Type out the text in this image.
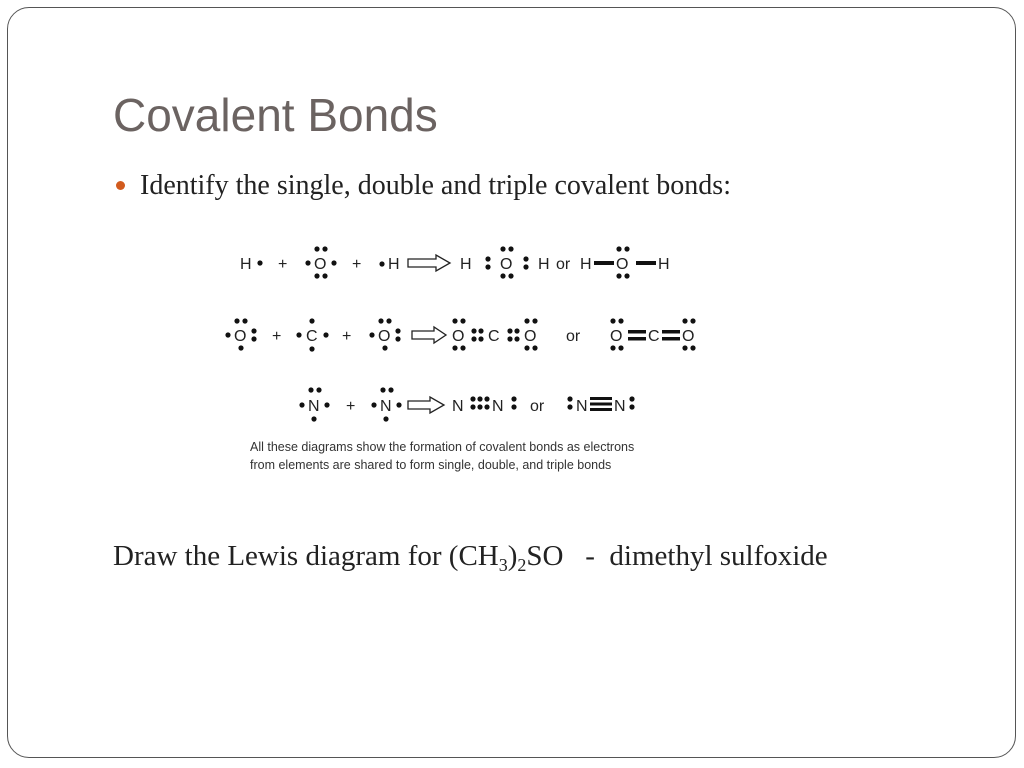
Covalent Bonds
Identify the single, double and triple covalent bonds:
H + O + H	H O H or H O H
O + C + O	O C O or O C O
N + N	N N or N N
All these diagrams show the formation of covalent bonds as electrons
from elements are shared to form single, double, and triple bonds
Draw the Lewis diagram for $(CH_3)_2SO$   -  dimethyl sulfoxide
